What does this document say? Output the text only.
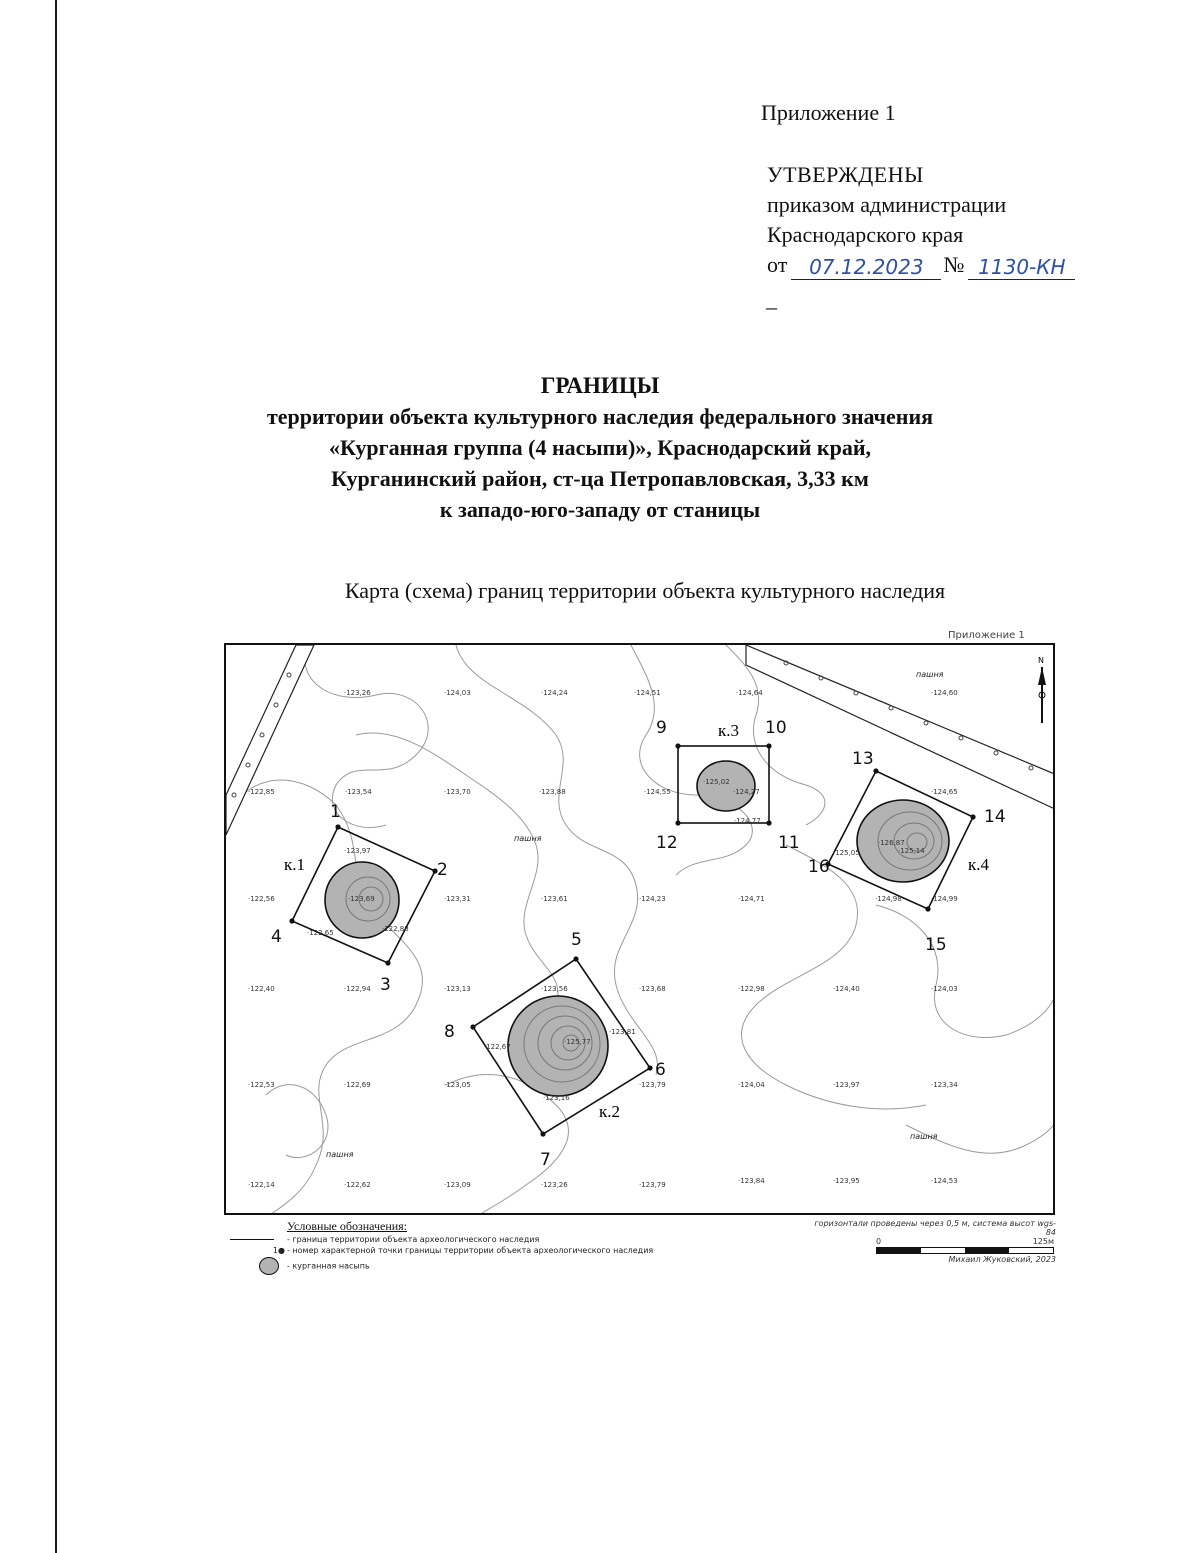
Приложение 1
УТВЕРЖДЕНЫ
приказом администрации
Краснодарского края
от	07.12.2023 № 1130-КН
–
ГРАНИЦЫ
территории объекта культурного наследия федерального значения
«Курганная группа (4 насыпи)», Краснодарский край,
Курганинский район, ст-ца Петропавловская, 3,33 км
к западо-юго-западу от станицы
Карта (схема) границ территории объекта культурного наследия
Приложение 1
N
к.1
к.2
к.3
к.4
пашня
пашня
пашня
пашня
1
2
3
4	5
6
7
8
9	10
11
12
13
14
15
16
·123,26	·124,03	·124,24	·124,51	·124,64	·124,60
·122,85	·123,54	·123,70	·123,88	·124,55	·124,27	·124,65
·123,97
·125,02
·124,77
·125,14
·125,05
·126,87
·122,56	·123,69	·123,31	·123,61	·124,23	·124,71	·124,98	·124,99
·122,65	·122,88
·122,40	·122,94	·123,13	·123,56	·123,68	·122,98	·124,40	·124,03
·123,81
·122,67
·125,77
·122,53	·122,69	·123,05
·123,16
·123,79	·124,04	·123,97	·123,34
·122,14	·122,62	·123,09	·123,26	·123,79	·123,84	·123,95	·124,53
Условные обозначения:
- граница территории объекта археологического наследия
1● - номер характерной точки границы территории объекта археологического наследия
- курганная насыпь
горизонтали проведены через 0,5 м, система высот wgs-84
0	125м
Михаил Жуковский, 2023
